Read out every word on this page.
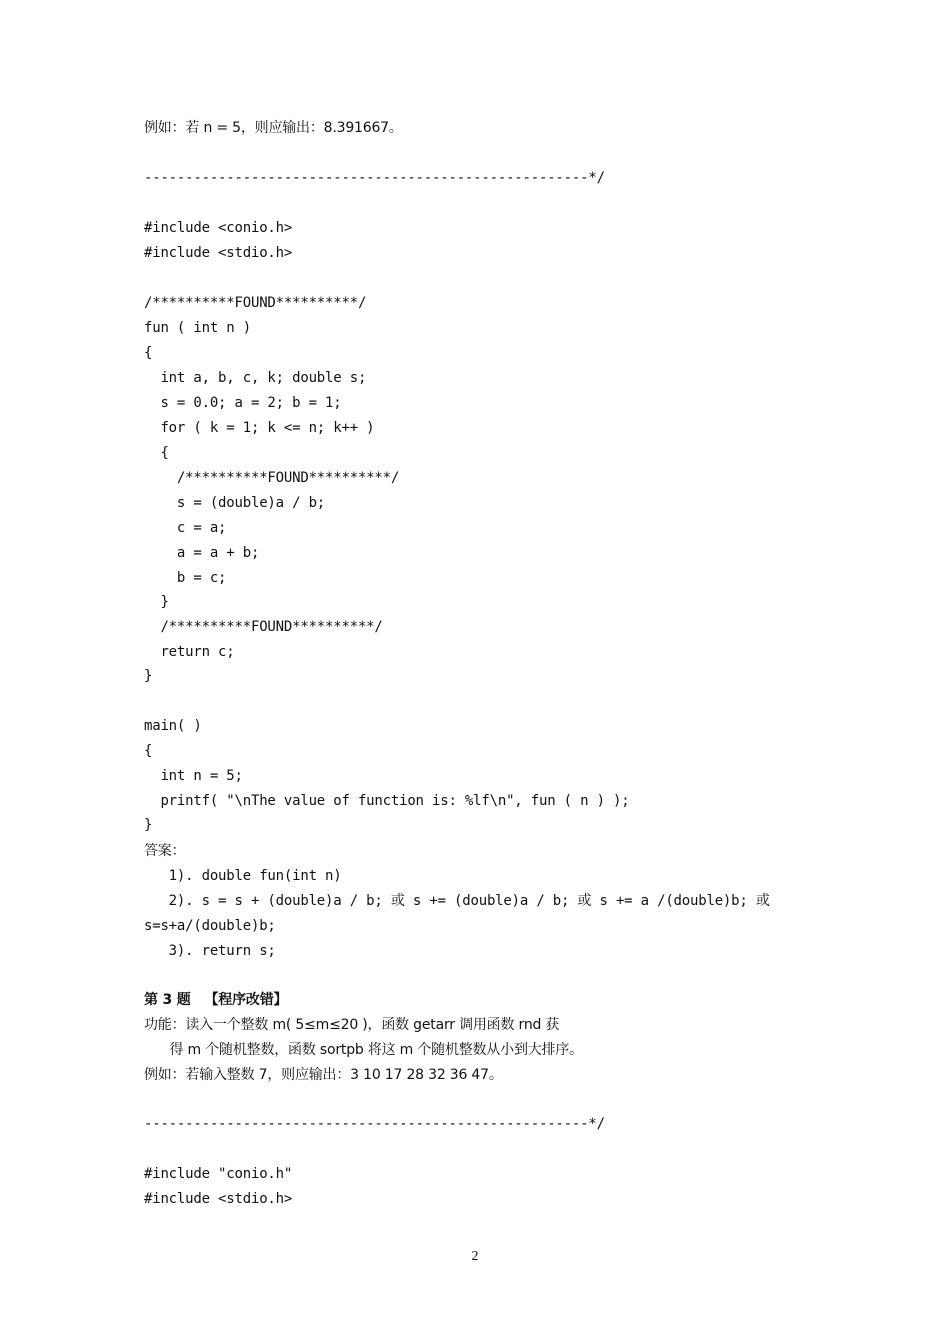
例如：若 n = 5，则应输出：8.391667。
------------------------------------------------------*/
#include <conio.h>
#include <stdio.h>
/**********FOUND**********/
fun ( int n )
{
int a, b, c, k; double s;
s = 0.0; a = 2; b = 1;
for ( k = 1; k <= n; k++ )
{
/**********FOUND**********/
s = (double)a / b;
c = a;
a = a + b;
b = c;
}
/**********FOUND**********/
return c;
}
main( )
{
int n = 5;
printf( "\nThe value of function is: %lf\n", fun ( n ) );
}
答案：
1). double fun(int n)
2). s = s + (double)a / b; 或 s += (double)a / b; 或 s += a /(double)b; 或
s=s+a/(double)b;
3). return s;
第 3 题   【程序改错】
功能：读入一个整数 m( 5≤m≤20 )，函数 getarr 调用函数 rnd 获
得 m 个随机整数，函数 sortpb 将这 m 个随机整数从小到大排序。
例如：若输入整数 7，则应输出：3 10 17 28 32 36 47。
------------------------------------------------------*/
#include "conio.h"
#include <stdio.h>
2
